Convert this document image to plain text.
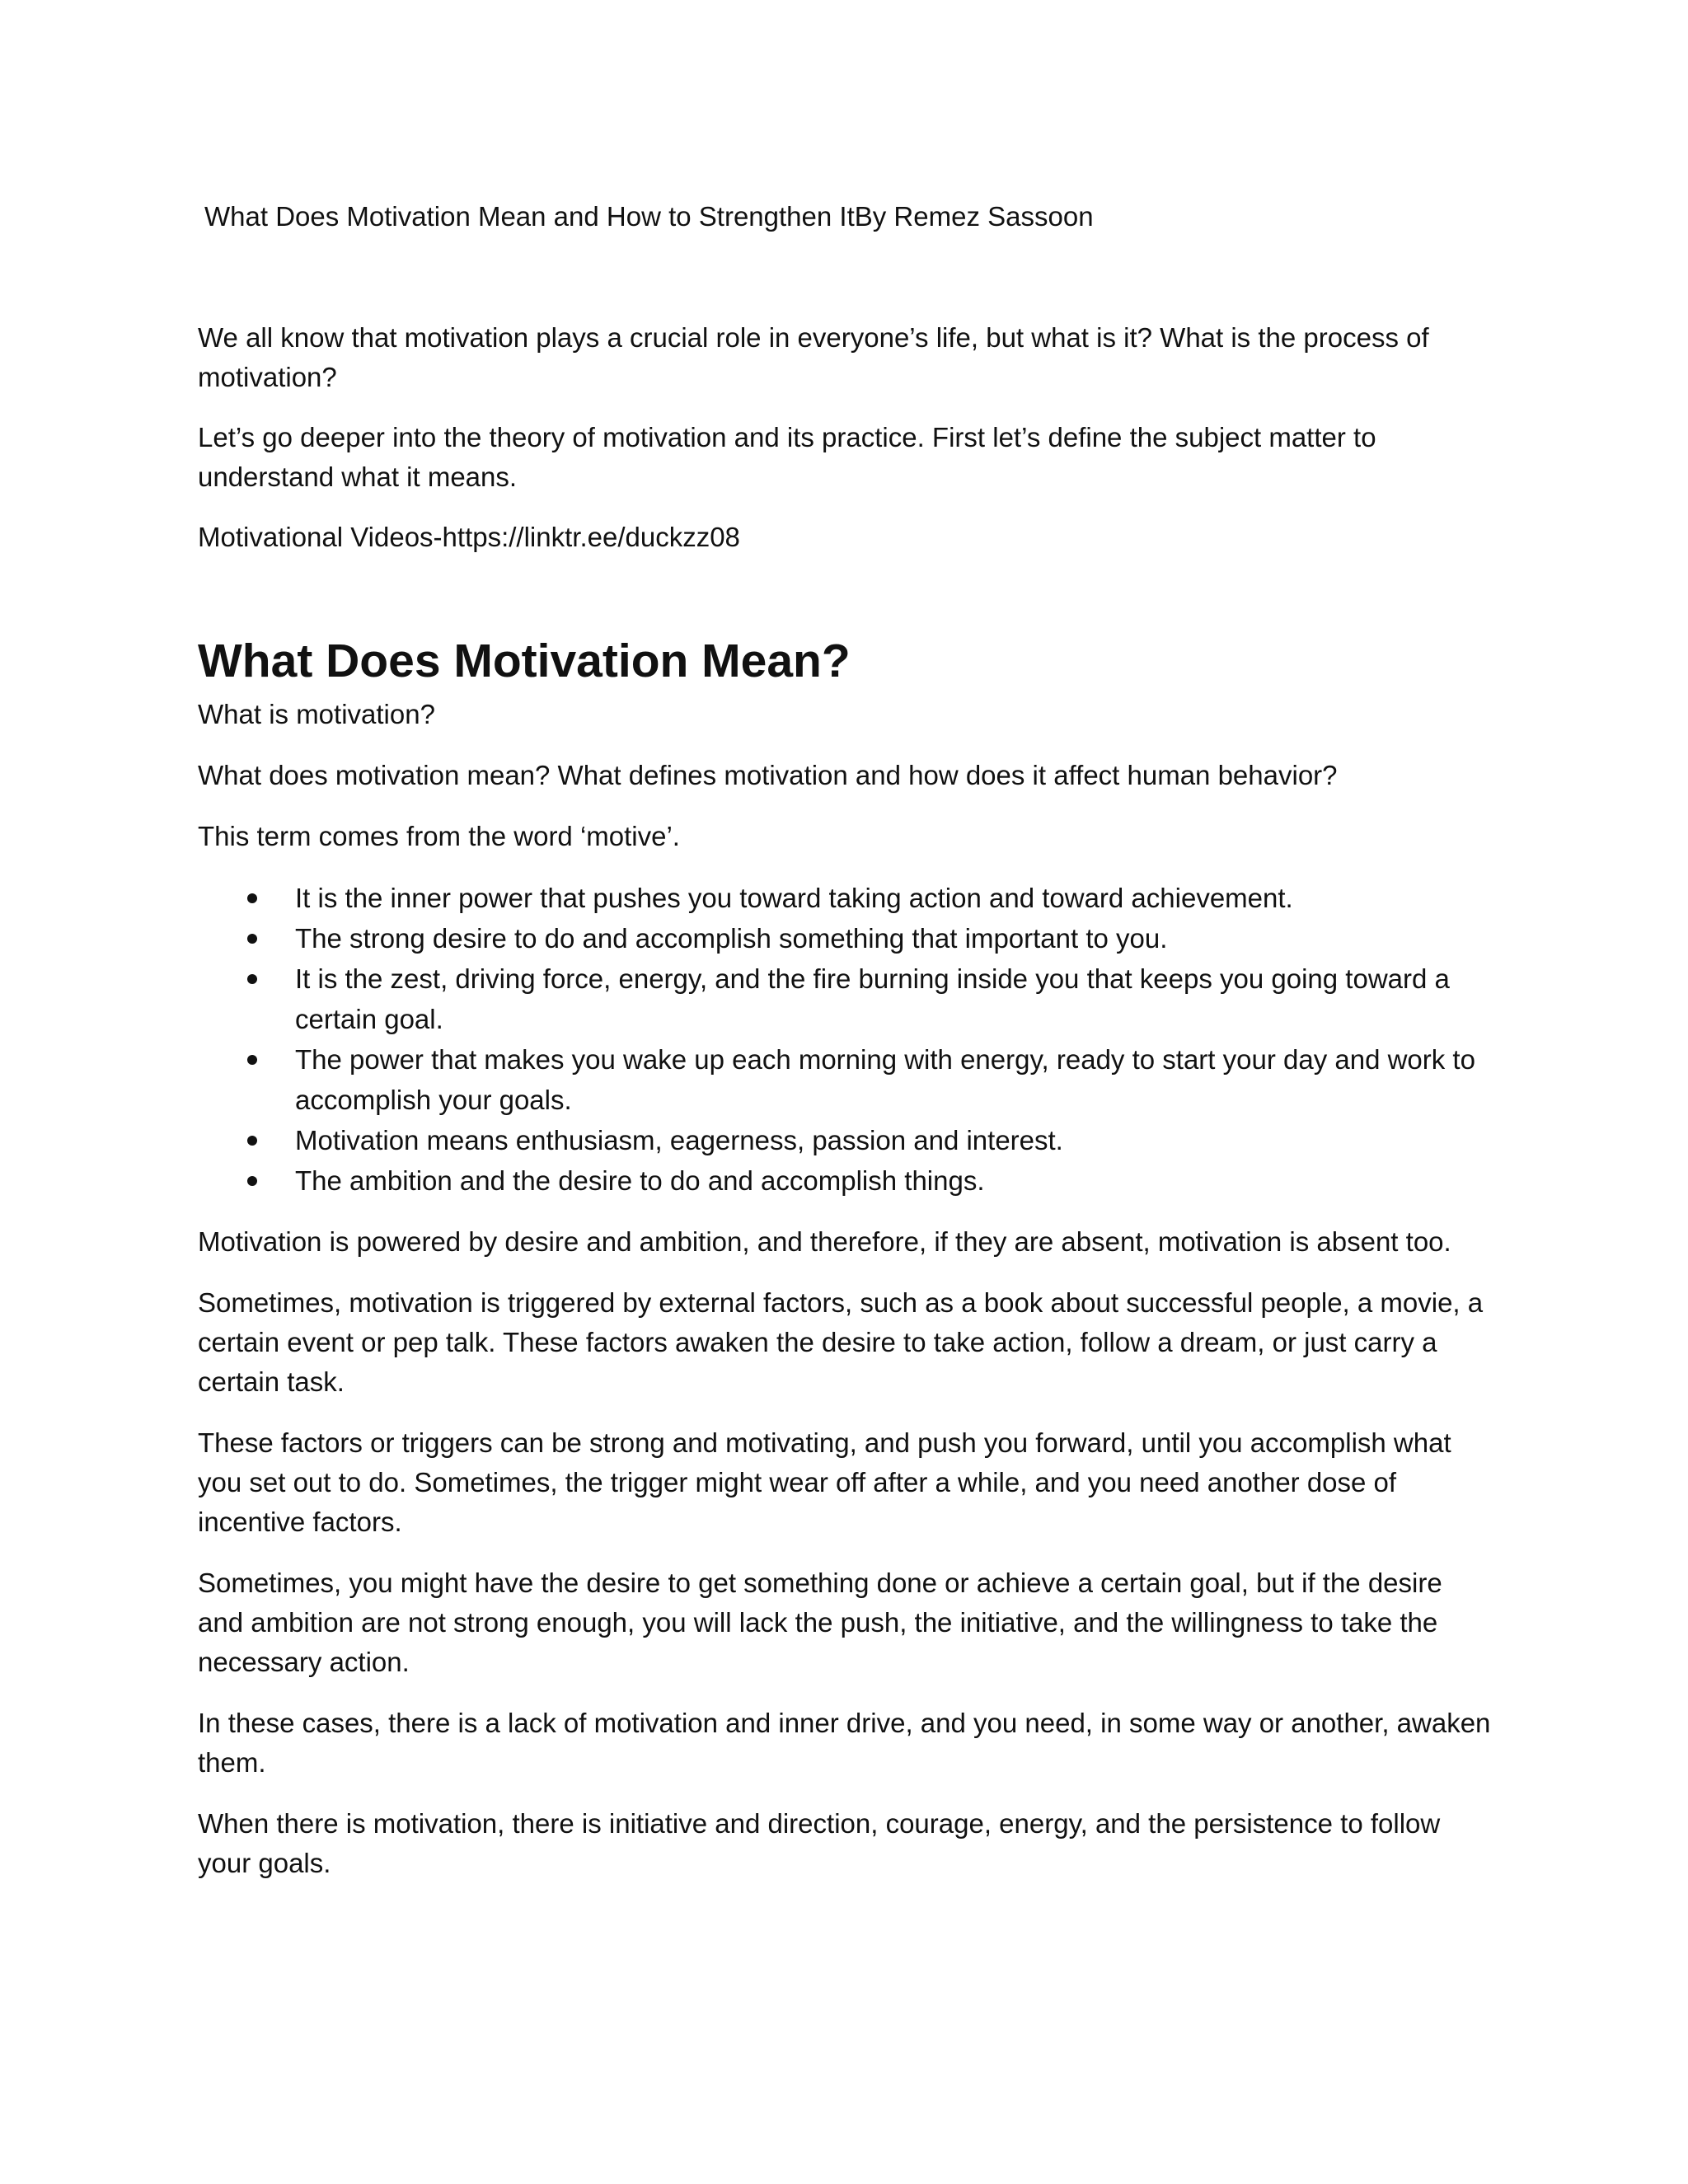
What Does Motivation Mean and How to Strengthen ItBy Remez Sassoon

We all know that motivation plays a crucial role in everyone’s life, but what is it? What is the process of motivation?

Let’s go deeper into the theory of motivation and its practice. First let’s define the subject matter to understand what it means.

Motivational Videos-https://linktr.ee/duckzz08

What Does Motivation Mean?

What is motivation?

What does motivation mean? What defines motivation and how does it affect human behavior?

This term comes from the word ‘motive’.

It is the inner power that pushes you toward taking action and toward achievement.
The strong desire to do and accomplish something that important to you.
It is the zest, driving force, energy, and the fire burning inside you that keeps you going toward a certain goal.
The power that makes you wake up each morning with energy, ready to start your day and work to accomplish your goals.
Motivation means enthusiasm, eagerness, passion and interest.
The ambition and the desire to do and accomplish things.

Motivation is powered by desire and ambition, and therefore, if they are absent, motivation is absent too.

Sometimes, motivation is triggered by external factors, such as a book about successful people, a movie, a certain event or pep talk. These factors awaken the desire to take action, follow a dream, or just carry a certain task.

These factors or triggers can be strong and motivating, and push you forward, until you accomplish what you set out to do. Sometimes, the trigger might wear off after a while, and you need another dose of incentive factors.

Sometimes, you might have the desire to get something done or achieve a certain goal, but if the desire and ambition are not strong enough, you will lack the push, the initiative, and the willingness to take the necessary action.

In these cases, there is a lack of motivation and inner drive, and you need, in some way or another, awaken them.

When there is motivation, there is initiative and direction, courage, energy, and the persistence to follow your goals.
